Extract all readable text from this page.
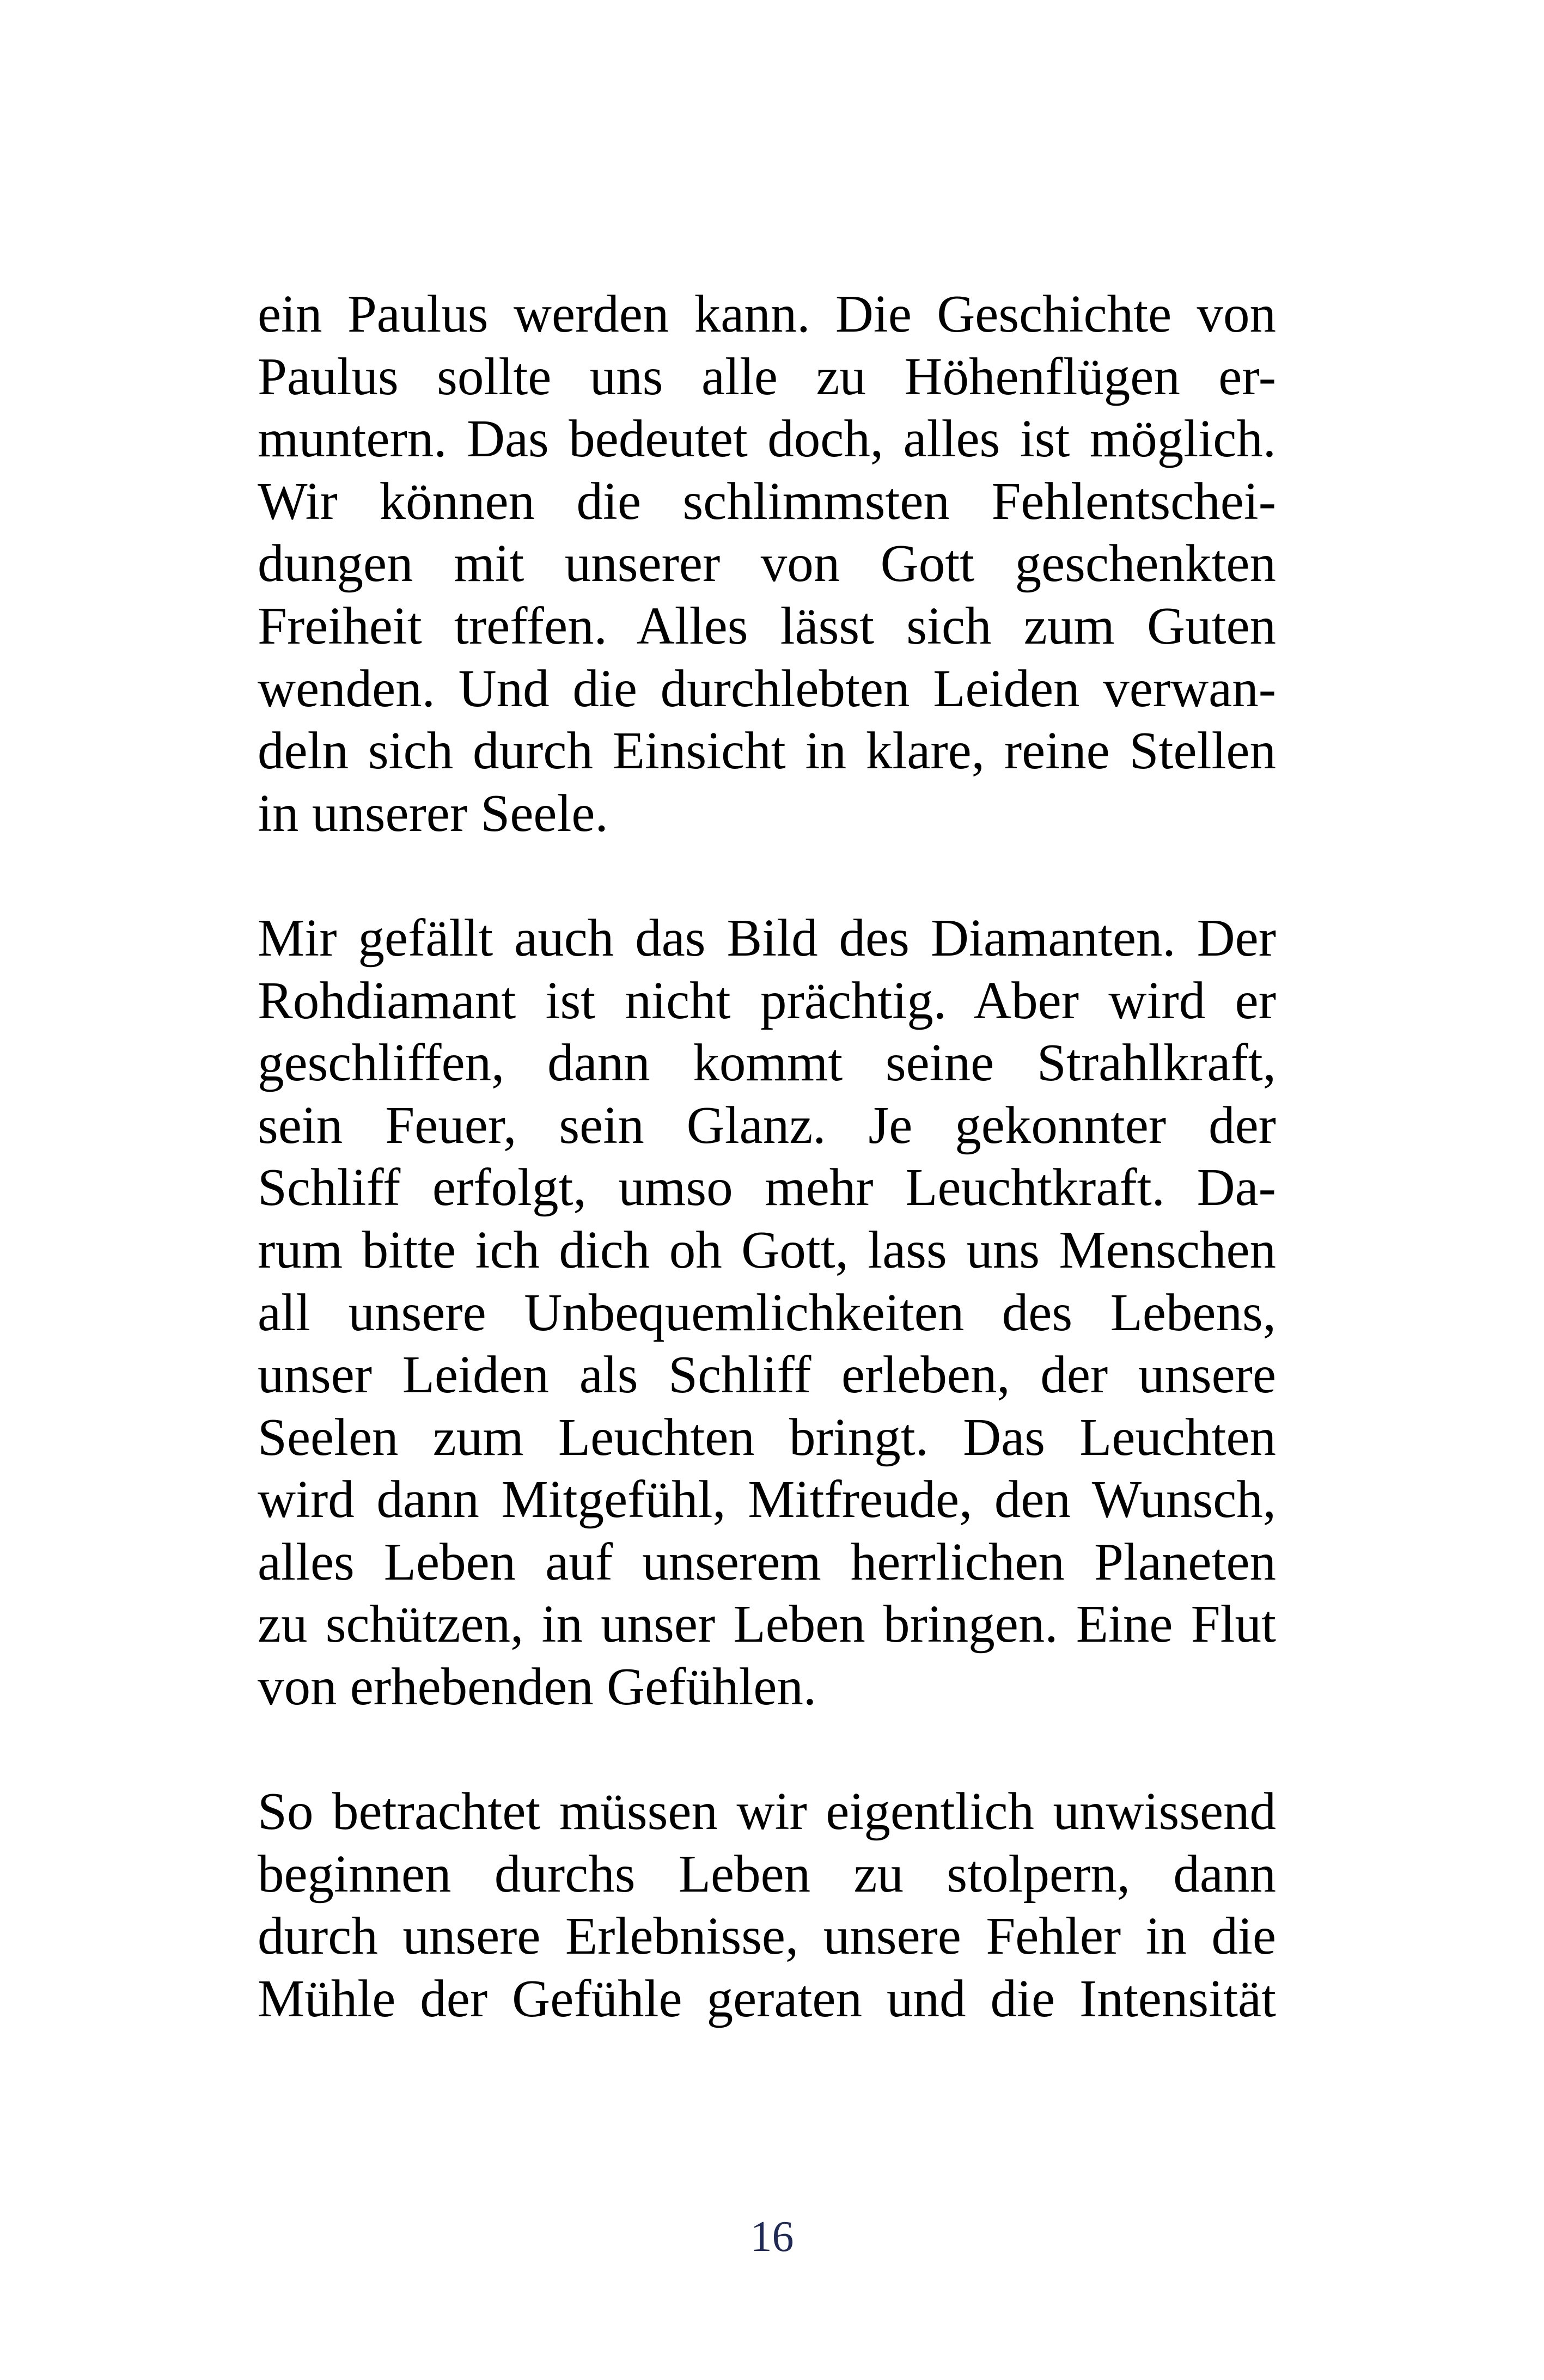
ein Paulus werden kann. Die Geschichte von
Paulus sollte uns alle zu Höhenflügen er-
muntern. Das bedeutet doch, alles ist möglich.
Wir können die schlimmsten Fehlentschei-
dungen mit unserer von Gott geschenkten
Freiheit treffen. Alles lässt sich zum Guten
wenden. Und die durchlebten Leiden verwan-
deln sich durch Einsicht in klare, reine Stellen
in unserer Seele.

Mir gefällt auch das Bild des Diamanten. Der
Rohdiamant ist nicht prächtig. Aber wird er
geschliffen, dann kommt seine Strahlkraft,
sein Feuer, sein Glanz. Je gekonnter der
Schliff erfolgt, umso mehr Leuchtkraft. Da-
rum bitte ich dich oh Gott, lass uns Menschen
all unsere Unbequemlichkeiten des Lebens,
unser Leiden als Schliff erleben, der unsere
Seelen zum Leuchten bringt. Das Leuchten
wird dann Mitgefühl, Mitfreude, den Wunsch,
alles Leben auf unserem herrlichen Planeten
zu schützen, in unser Leben bringen. Eine Flut
von erhebenden Gefühlen.

So betrachtet müssen wir eigentlich unwissend
beginnen durchs Leben zu stolpern, dann
durch unsere Erlebnisse, unsere Fehler in die
Mühle der Gefühle geraten und die Intensität

16
